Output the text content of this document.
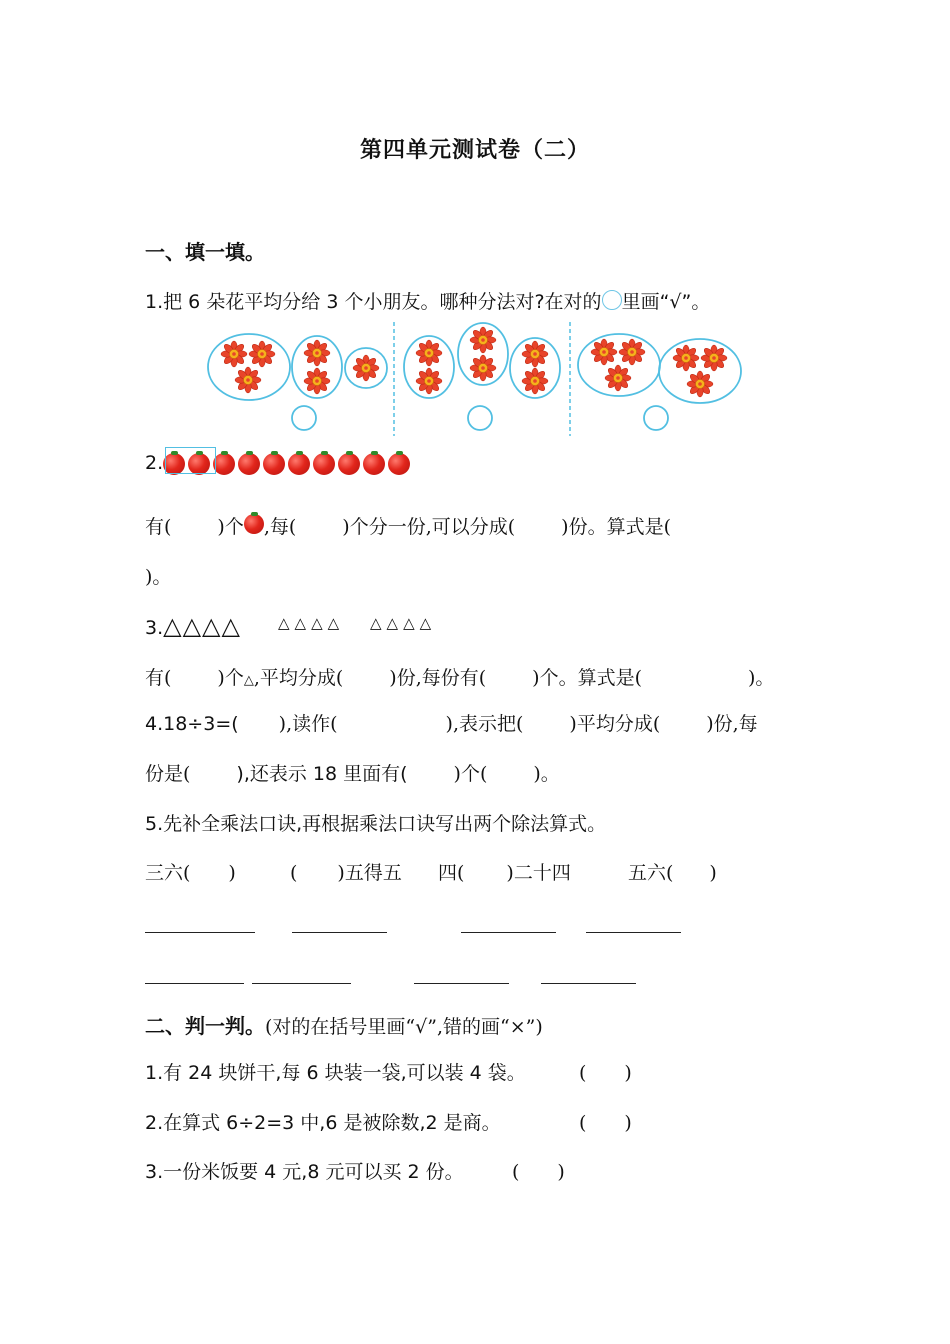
第四单元测试卷（二）
一、填一填。
1.把 6 朵花平均分给 3 个小朋友。哪种分法对?在对的 里画“√”。
2.
有( )个 ,每( )个分一份,可以分成( )份。算式是(
)。
3.△△△△ △△△△ △△△△
有( )个△,平均分成( )份,每份有( )个。算式是(	)。
4.18÷3=( ),读作(	),表示把( )平均分成( )份,每
份是( ),还表示 18 里面有( )个( )。
5.先补全乘法口诀,再根据乘法口诀写出两个除法算式。
三六( )	( )五得五 四( )二十四	五六( )
二、判一判。(对的在括号里画“√”,错的画“×”)
1.有 24 块饼干,每 6 块装一袋,可以装 4 袋。	(　　)
2.在算式 6÷2=3 中,6 是被除数,2 是商。	(　　)
3.一份米饭要 4 元,8 元可以买 2 份。	(　　)
